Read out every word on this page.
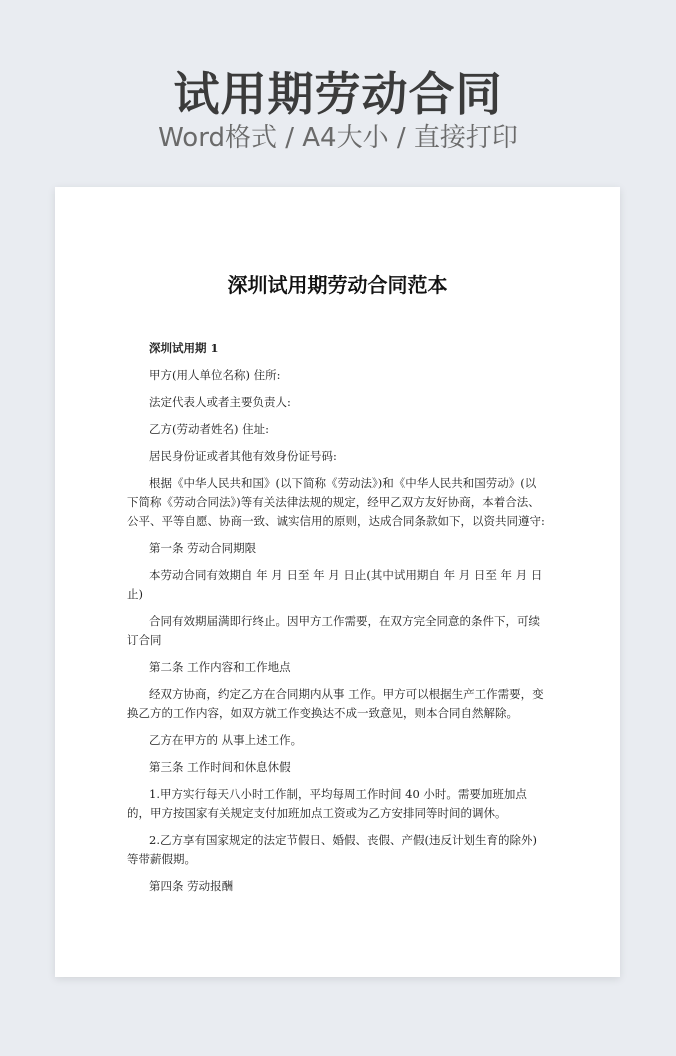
试用期劳动合同
Word格式 / A4大小 / 直接打印
深圳试用期劳动合同范本

深圳试用期 1

甲方(用人单位名称) 住所:

法定代表人或者主要负责人:

乙方(劳动者姓名) 住址:

居民身份证或者其他有效身份证号码:

根据《中华人民共和国》(以下简称《劳动法》)和《中华人民共和国劳动》(以下简称《劳动合同法》)等有关法律法规的规定，经甲乙双方友好协商，本着合法、公平、平等自愿、协商一致、诚实信用的原则，达成合同条款如下，以资共同遵守:

第一条 劳动合同期限

本劳动合同有效期自 年 月 日至 年 月 日止(其中试用期自 年 月 日至 年 月 日止)

合同有效期届满即行终止。因甲方工作需要，在双方完全同意的条件下，可续订合同

第二条 工作内容和工作地点

经双方协商，约定乙方在合同期内从事 工作。甲方可以根据生产工作需要，变换乙方的工作内容，如双方就工作变换达不成一致意见，则本合同自然解除。

乙方在甲方的 从事上述工作。

第三条 工作时间和休息休假

1.甲方实行每天八小时工作制，平均每周工作时间 40 小时。需要加班加点的，甲方按国家有关规定支付加班加点工资或为乙方安排同等时间的调休。

2.乙方享有国家规定的法定节假日、婚假、丧假、产假(违反计划生育的除外)等带薪假期。

第四条 劳动报酬
